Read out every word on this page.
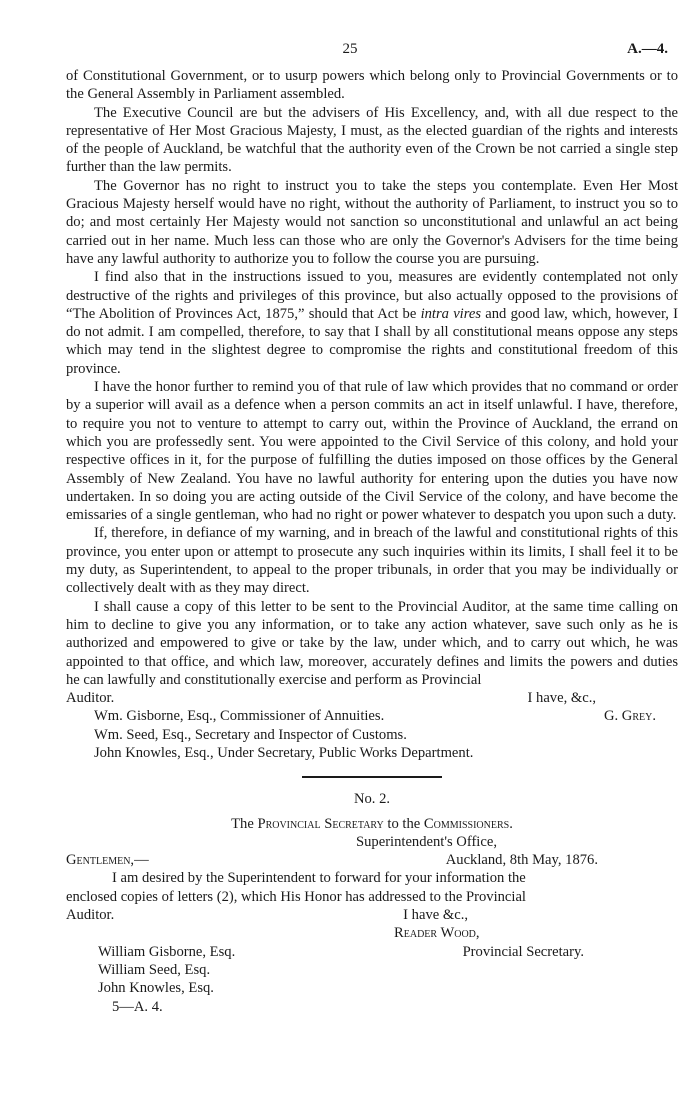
25	A.—4.

of Constitutional Government, or to usurp powers which belong only to Provincial Governments or to the General Assembly in Parliament assembled.

The Executive Council are but the advisers of His Excellency, and, with all due respect to the representative of Her Most Gracious Majesty, I must, as the elected guardian of the rights and interests of the people of Auckland, be watchful that the authority even of the Crown be not carried a single step further than the law permits.

The Governor has no right to instruct you to take the steps you contemplate. Even Her Most Gracious Majesty herself would have no right, without the authority of Parliament, to instruct you so to do; and most certainly Her Majesty would not sanction so unconstitutional and unlawful an act being carried out in her name. Much less can those who are only the Governor's Advisers for the time being have any lawful authority to authorize you to follow the course you are pursuing.

I find also that in the instructions issued to you, measures are evidently contemplated not only destructive of the rights and privileges of this province, but also actually opposed to the provisions of “The Abolition of Provinces Act, 1875,” should that Act be intra vires and good law, which, however, I do not admit. I am compelled, therefore, to say that I shall by all constitutional means oppose any steps which may tend in the slightest degree to compromise the rights and constitutional freedom of this province.

I have the honor further to remind you of that rule of law which provides that no command or order by a superior will avail as a defence when a person commits an act in itself unlawful. I have, therefore, to require you not to venture to attempt to carry out, within the Province of Auckland, the errand on which you are professedly sent. You were appointed to the Civil Service of this colony, and hold your respective offices in it, for the purpose of fulfilling the duties imposed on those offices by the General Assembly of New Zealand. You have no lawful authority for entering upon the duties you have now undertaken. In so doing you are acting outside of the Civil Service of the colony, and have become the emissaries of a single gentleman, who had no right or power whatever to despatch you upon such a duty.

If, therefore, in defiance of my warning, and in breach of the lawful and constitutional rights of this province, you enter upon or attempt to prosecute any such inquiries within its limits, I shall feel it to be my duty, as Superintendent, to appeal to the proper tribunals, in order that you may be individually or collectively dealt with as they may direct.

I shall cause a copy of this letter to be sent to the Provincial Auditor, at the same time calling on him to decline to give you any information, or to take any action whatever, save such only as he is authorized and empowered to give or take by the law, under which, and to carry out which, he was appointed to that office, and which law, moreover, accurately defines and limits the powers and duties he can lawfully and constitutionally exercise and perform as Provincial

Auditor.	I have, &c.,
Wm. Gisborne, Esq., Commissioner of Annuities.	G. Grey.
Wm. Seed, Esq., Secretary and Inspector of Customs.
John Knowles, Esq., Under Secretary, Public Works Department.
No. 2.
The Provincial Secretary to the Commissioners.
Superintendent's Office,
Gentlemen,—	Auckland, 8th May, 1876.
I am desired by the Superintendent to forward for your information the
enclosed copies of letters (2), which His Honor has addressed to the Provincial
Auditor.	I have &c.,
Reader Wood,
William Gisborne, Esq.	Provincial Secretary.
William Seed, Esq.
John Knowles, Esq.
5—A. 4.
